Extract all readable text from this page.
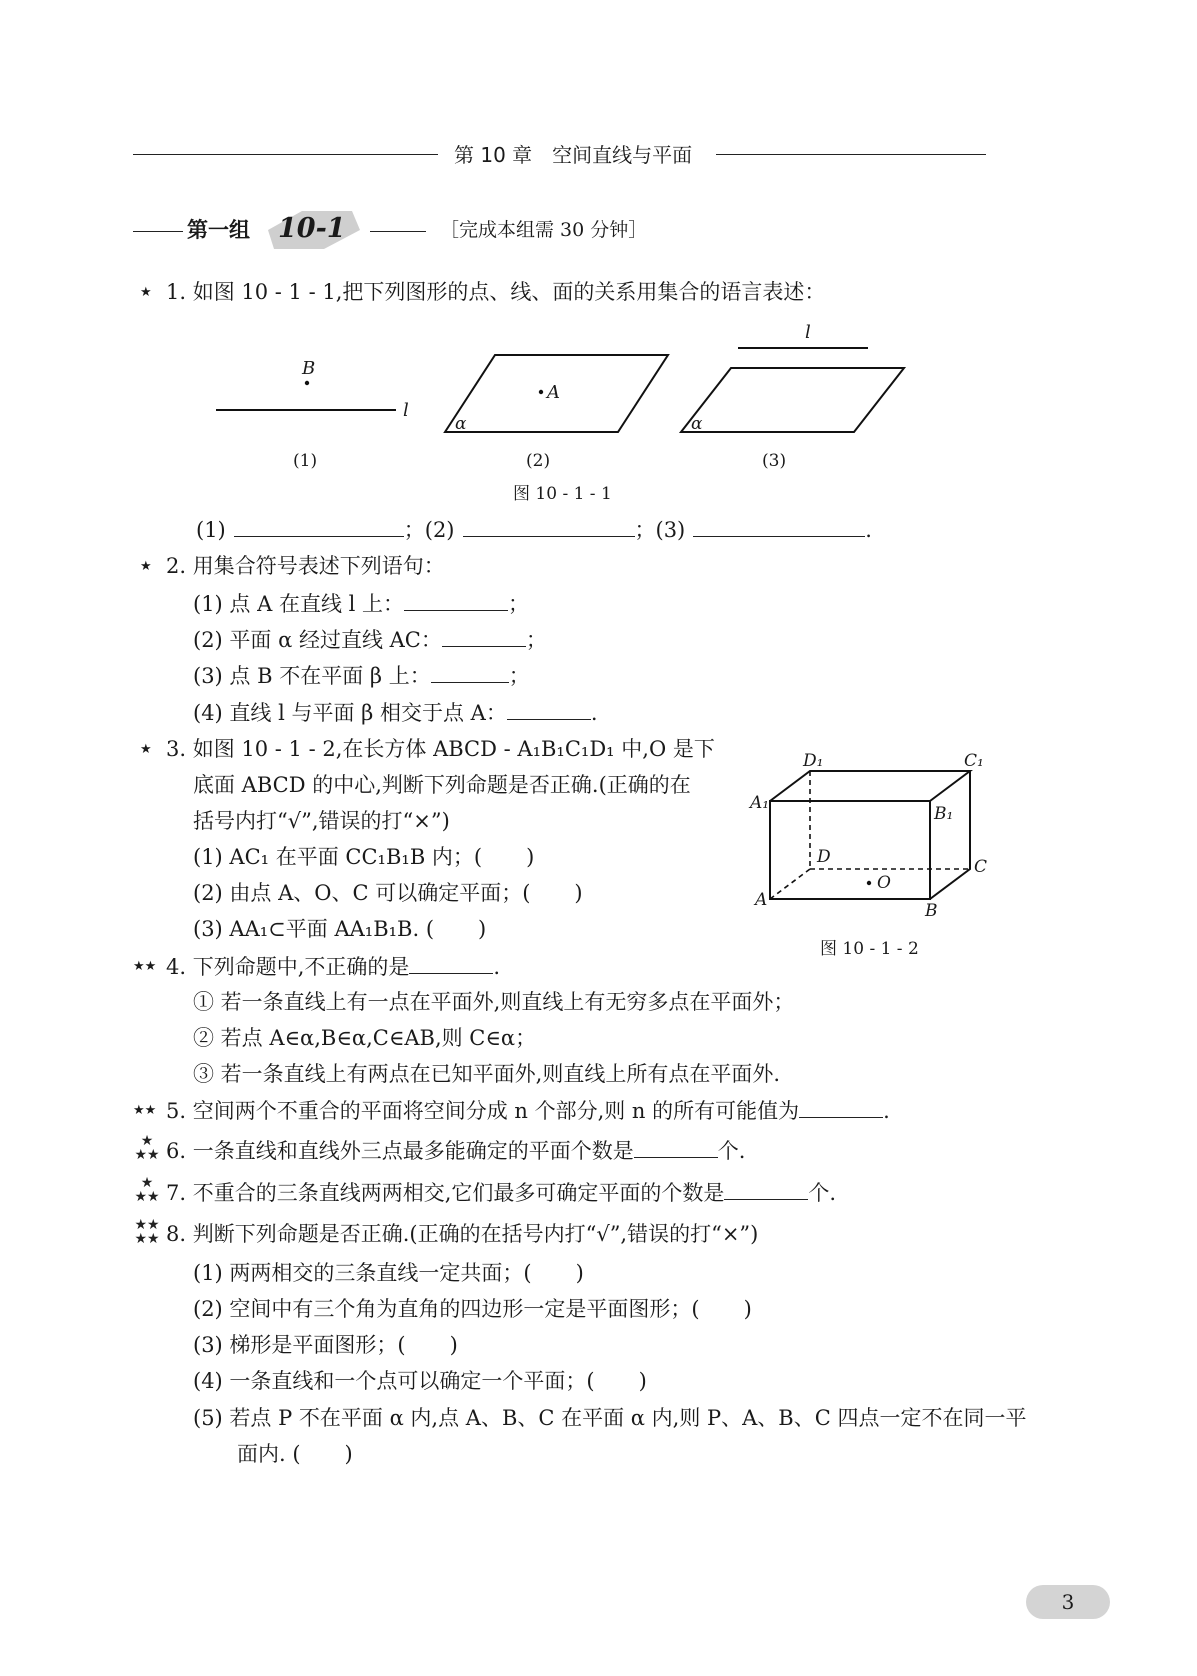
第 10 章　空间直线与平面
第一组 10-1	［完成本组需 30 分钟］
★ 1. 如图 10 - 1 - 1,把下列图形的点、线、面的关系用集合的语言表述：
B
l
A
α
l
α
(1)	(2)	(3)
图 10 - 1 - 1
(1)	；(2)	；(3)	.
★ 2. 用集合符号表述下列语句：
(1) 点 A 在直线 l 上：	；
(2) 平面 α 经过直线 AC：	；
(3) 点 B 不在平面 β 上：	；
(4) 直线 l 与平面 β 相交于点 A：	.
★ 3. 如图 10 - 1 - 2,在长方体 ABCD - A₁B₁C₁D₁ 中,O 是下
底面 ABCD 的中心,判断下列命题是否正确.(正确的在
括号内打“√”,错误的打“×”)
(1) AC₁ 在平面 CC₁B₁B 内；( )
(2) 由点 A、O、C 可以确定平面；( )
(3) AA₁⊂平面 AA₁B₁B. ( )
D₁	C₁
A₁
B₁
D	C
O
A
B
图 10 - 1 - 2
★★ 4. 下列命题中,不正确的是	.
① 若一条直线上有一点在平面外,则直线上有无穷多点在平面外；
② 若点 A∈α,B∈α,C∈AB,则 C∈α；
③ 若一条直线上有两点在已知平面外,则直线上所有点在平面外.
★★ 5. 空间两个不重合的平面将空间分成 n 个部分,则 n 的所有可能值为	.
★
★★ 6. 一条直线和直线外三点最多能确定的平面个数是	个.
★
★★ 7. 不重合的三条直线两两相交,它们最多可确定平面的个数是	个.
★★
★★ 8. 判断下列命题是否正确.(正确的在括号内打“√”,错误的打“×”)
(1) 两两相交的三条直线一定共面；( )
(2) 空间中有三个角为直角的四边形一定是平面图形；( )
(3) 梯形是平面图形；( )
(4) 一条直线和一个点可以确定一个平面；( )
(5) 若点 P 不在平面 α 内,点 A、B、C 在平面 α 内,则 P、A、B、C 四点一定不在同一平
面内. ( )
3
